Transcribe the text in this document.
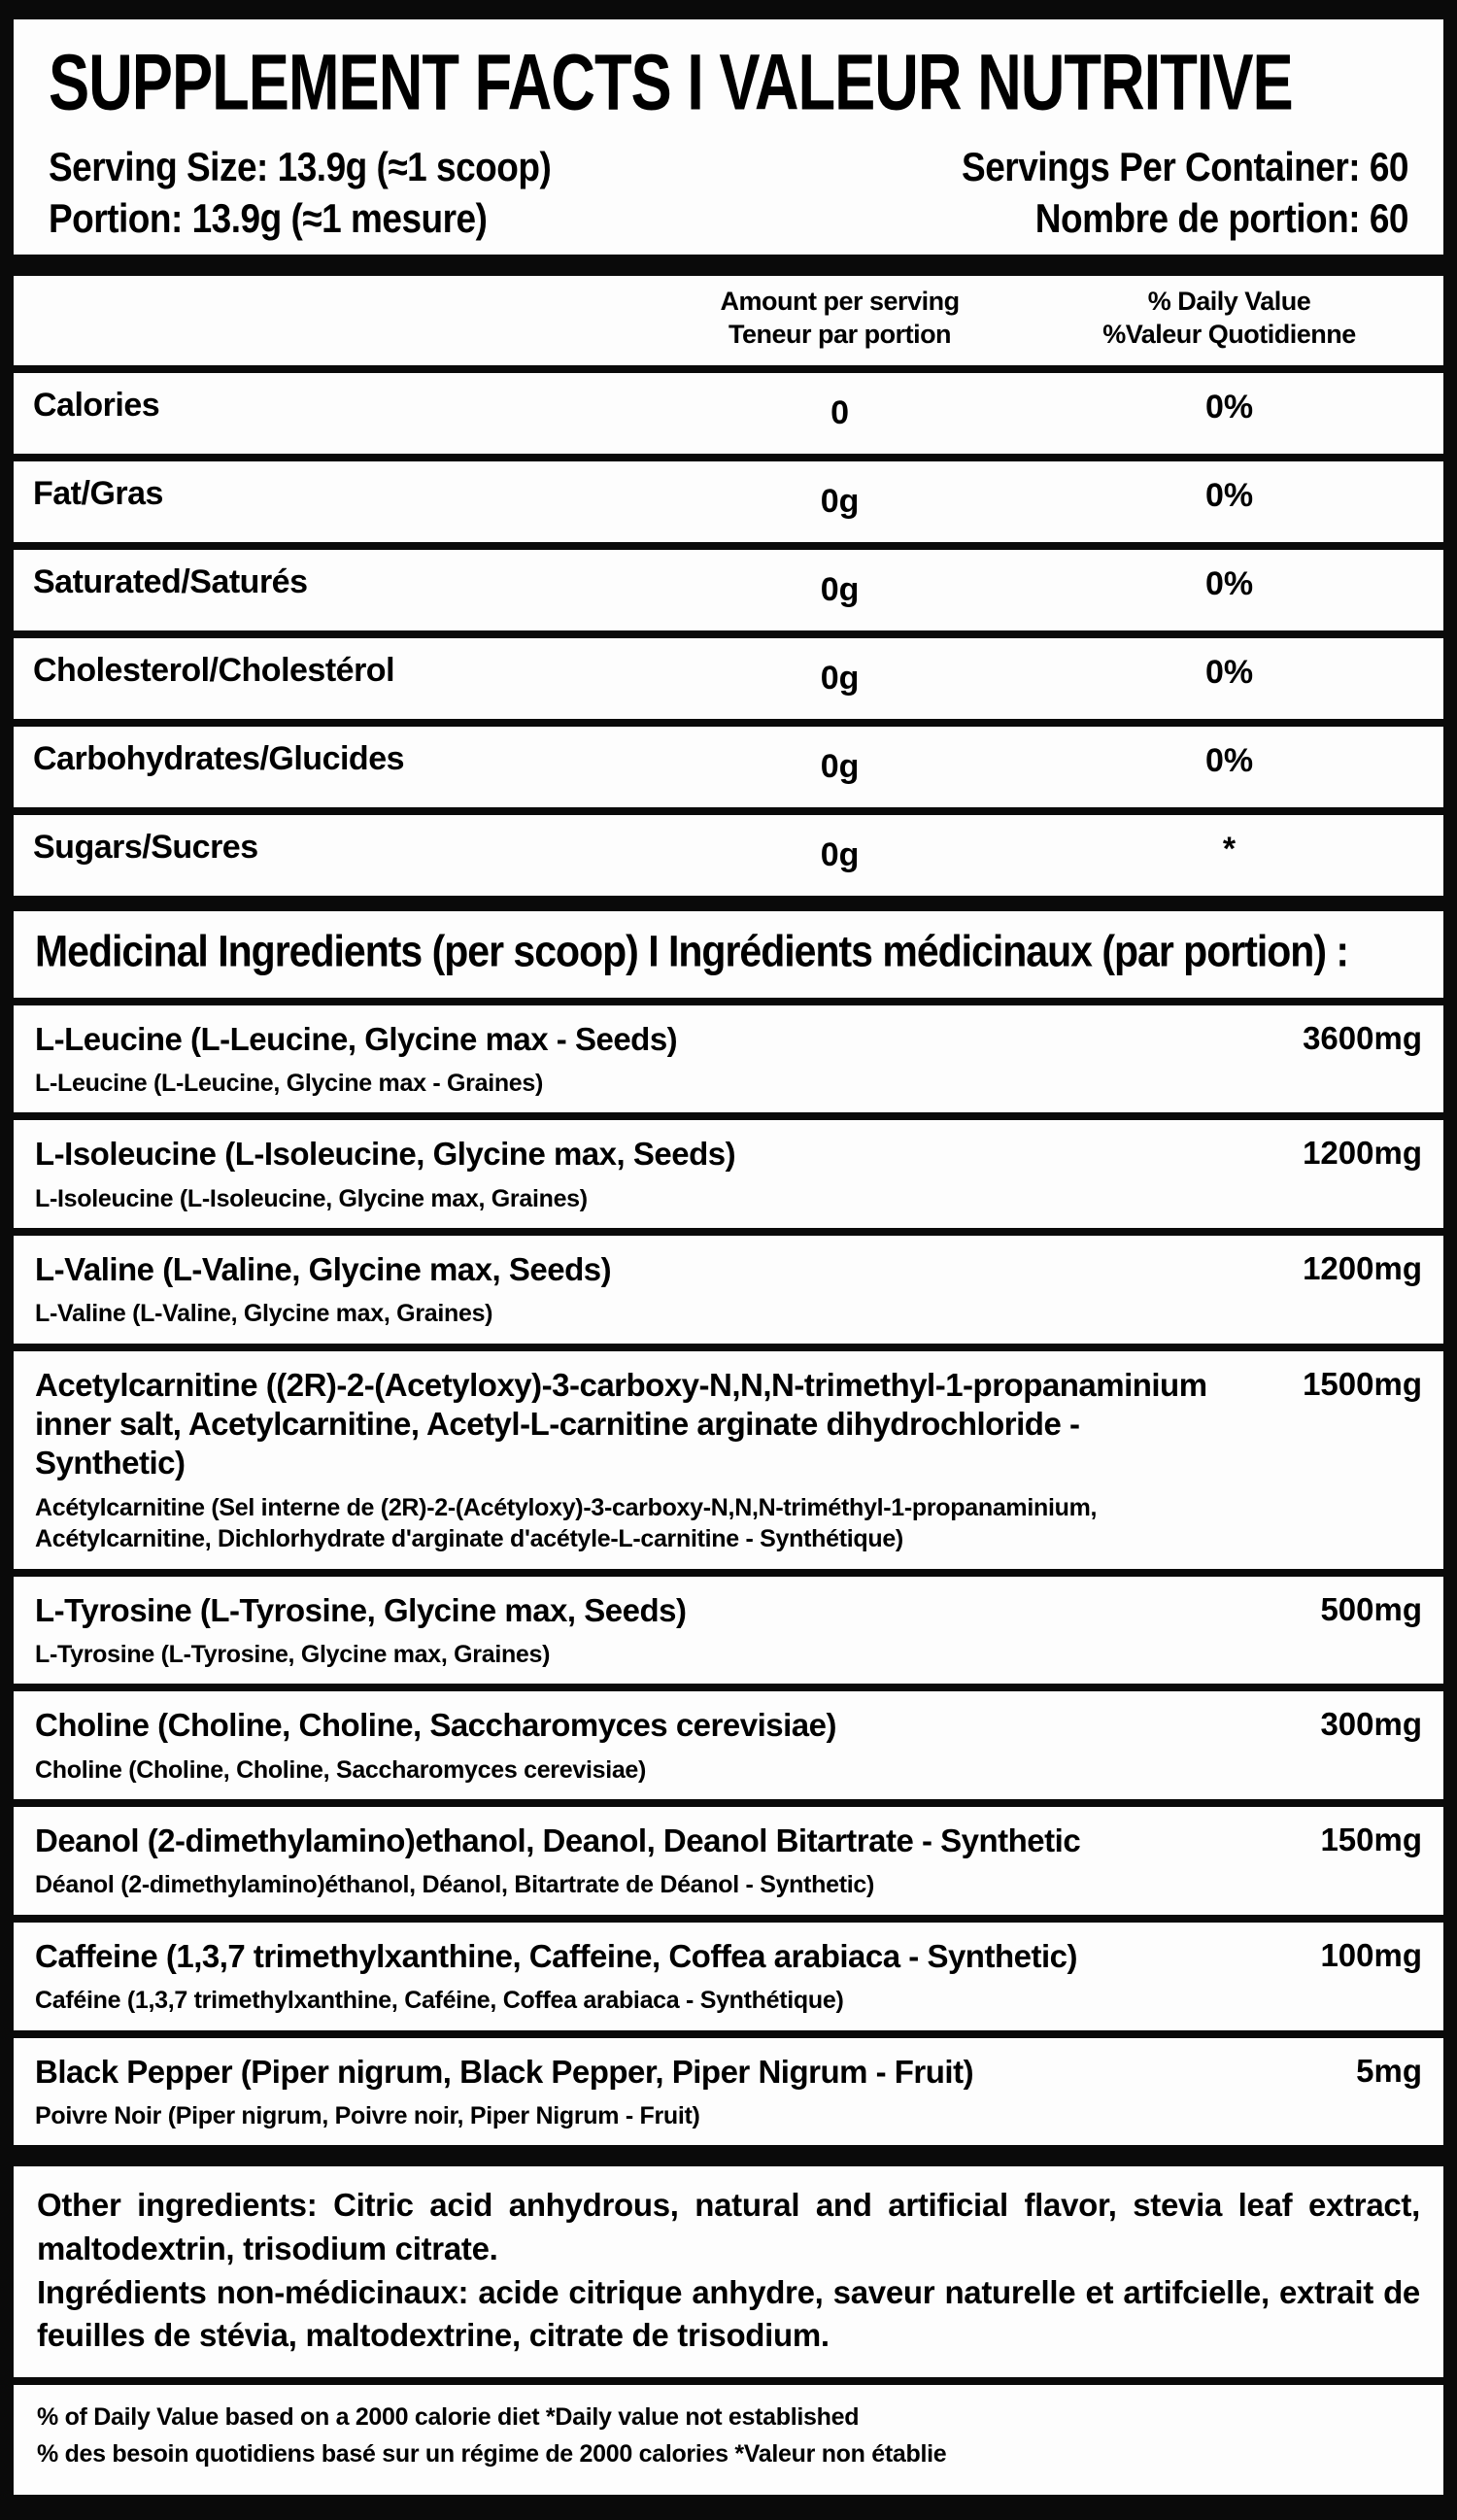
SUPPLEMENT FACTS I VALEUR NUTRITIVE
Serving Size: 13.9g (≈1 scoop)
Portion: 13.9g (≈1 mesure)
Servings Per Container: 60
Nombre de portion: 60
Amount per serving
Teneur par portion
% Daily Value
%Valeur Quotidienne
Calories	0	0%
Fat/Gras	0g	0%
Saturated/Saturés	0g	0%
Cholesterol/Cholestérol	0g	0%
Carbohydrates/Glucides	0g	0%
Sugars/Sucres	0g	*
Medicinal Ingredients (per scoop) I Ingrédients médicinaux (par portion) :
L-Leucine (L-Leucine, Glycine max - Seeds)
L-Leucine (L-Leucine, Glycine max - Graines)
3600mg
L-Isoleucine (L-Isoleucine, Glycine max, Seeds)
L-Isoleucine (L-Isoleucine, Glycine max, Graines)
1200mg
L-Valine (L-Valine, Glycine max, Seeds)
L-Valine (L-Valine, Glycine max, Graines)
1200mg
Acetylcarnitine ((2R)-2-(Acetyloxy)-3-carboxy-N,N,N-trimethyl-1-propanaminium inner salt, Acetylcarnitine, Acetyl-L-carnitine arginate dihydrochloride - Synthetic)
Acétylcarnitine (Sel interne de (2R)-2-(Acétyloxy)-3-carboxy-N,N,N-triméthyl-1-propanaminium, Acétylcarnitine, Dichlorhydrate d'arginate d'acétyle-L-carnitine - Synthétique)
1500mg
L-Tyrosine (L-Tyrosine, Glycine max, Seeds)
L-Tyrosine (L-Tyrosine, Glycine max, Graines)
500mg
Choline (Choline, Choline, Saccharomyces cerevisiae)
Choline (Choline, Choline, Saccharomyces cerevisiae)
300mg
Deanol (2-dimethylamino)ethanol, Deanol, Deanol Bitartrate - Synthetic
Déanol (2-dimethylamino)éthanol, Déanol, Bitartrate de Déanol - Synthetic)
150mg
Caffeine (1,3,7 trimethylxanthine, Caffeine, Coffea arabiaca - Synthetic)
Caféine (1,3,7 trimethylxanthine, Caféine, Coffea arabiaca - Synthétique)
100mg
Black Pepper (Piper nigrum, Black Pepper, Piper Nigrum - Fruit)
Poivre Noir (Piper nigrum, Poivre noir, Piper Nigrum - Fruit)
5mg

Other ingredients: Citric acid anhydrous, natural and artificial flavor, stevia leaf extract, maltodextrin, trisodium citrate.

Ingrédients non-médicinaux: acide citrique anhydre, saveur naturelle et artifcielle, extrait de feuilles de stévia, maltodextrine, citrate de trisodium.

% of Daily Value based on a 2000 calorie diet *Daily value not established
% des besoin quotidiens basé sur un régime de 2000 calories *Valeur non établie
